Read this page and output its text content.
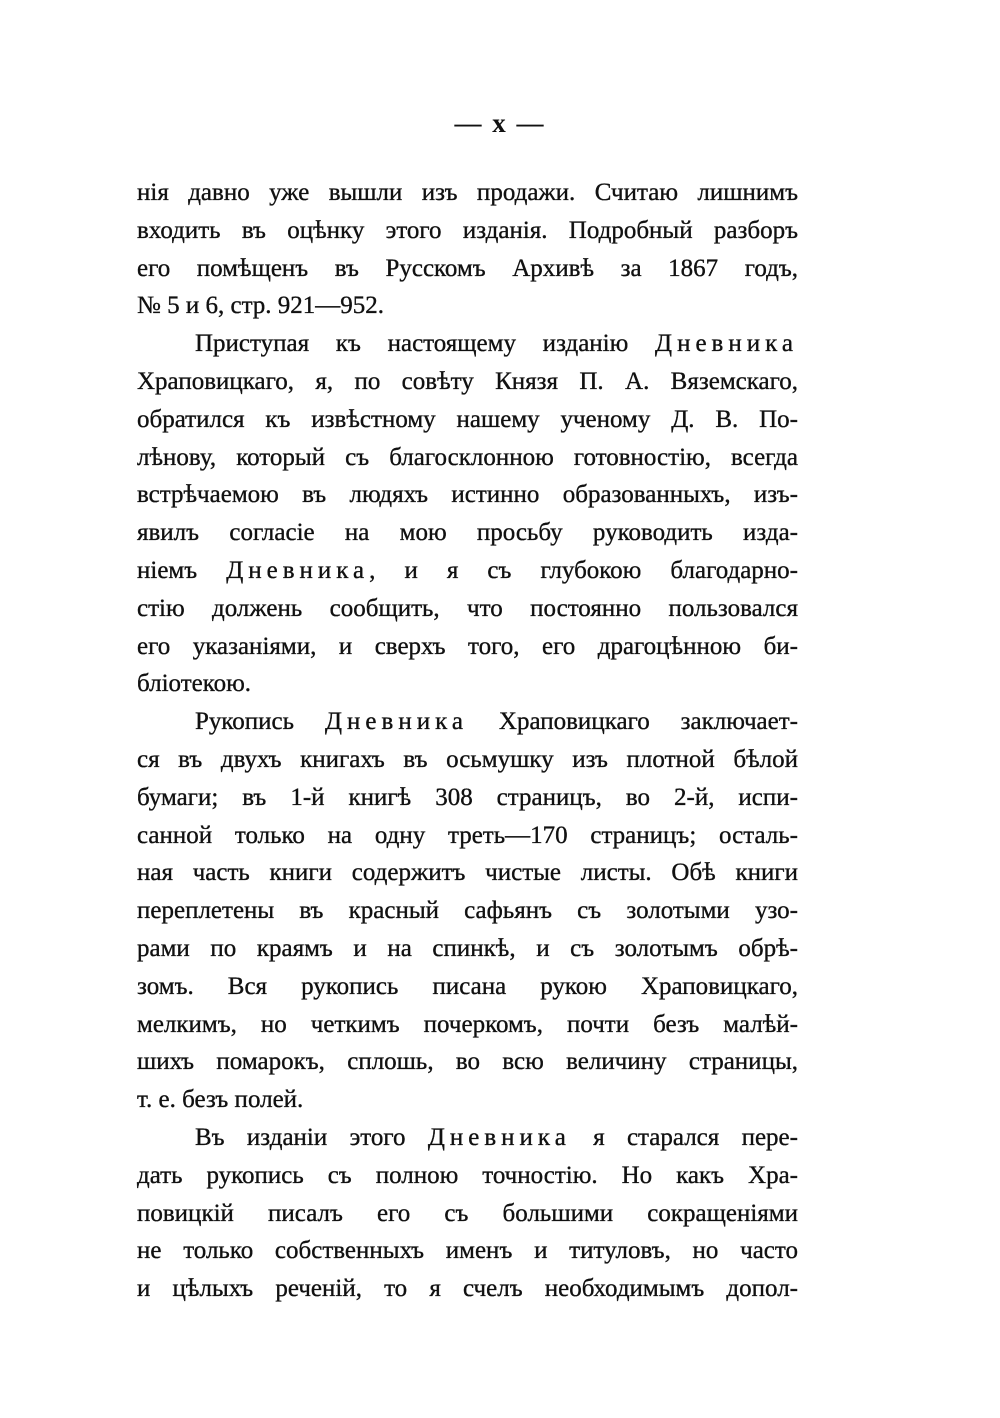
— x —
нія давно уже вышли изъ продажи. Считаю лишнимъ
входить въ оцѣнку этого изданія. Подробный разборъ
его помѣщенъ въ Русскомъ Архивѣ за 1867 годъ,
№ 5 и 6, стр. 921—952.
Приступая къ настоящему изданію Дневника
Храповицкаго, я, по совѣту Князя П. А. Вяземскаго,
обратился къ извѣстному нашему ученому Д. В. По-
лѣнову, который съ благосклонною готовностію, всегда
встрѣчаемою въ людяхъ истинно образованныхъ, изъ-
явилъ согласіе на мою просьбу руководить изда-
ніемъ Дневника, и я съ глубокою благодарно-
стію должень сообщить, что постоянно пользовался
его указаніями, и сверхъ того, его драгоцѣнною би-
бліотекою.
Рукопись Дневника Храповицкаго заключает-
ся въ двухъ книгахъ въ осьмушку изъ плотной бѣлой
бумаги; въ 1-й книгѣ 308 страницъ, во 2-й, испи-
санной только на одну треть—170 страницъ; осталь-
ная часть книги содержитъ чистые листы. Обѣ книги
переплетены въ красный сафьянъ съ золотыми узо-
рами по краямъ и на спинкѣ, и съ золотымъ обрѣ-
зомъ. Вся рукопись писана рукою Храповицкаго,
мелкимъ, но четкимъ почеркомъ, почти безъ малѣй-
шихъ помарокъ, сплошь, во всю величину страницы,
т. е. безъ полей.
Въ изданіи этого Дневника я старался пере-
дать рукопись съ полною точностію. Но какъ Хра-
повицкій писалъ его съ большими сокращеніями
не только собственныхъ именъ и титуловъ, но часто
и цѣлыхъ реченій, то я счелъ необходимымъ допол-
